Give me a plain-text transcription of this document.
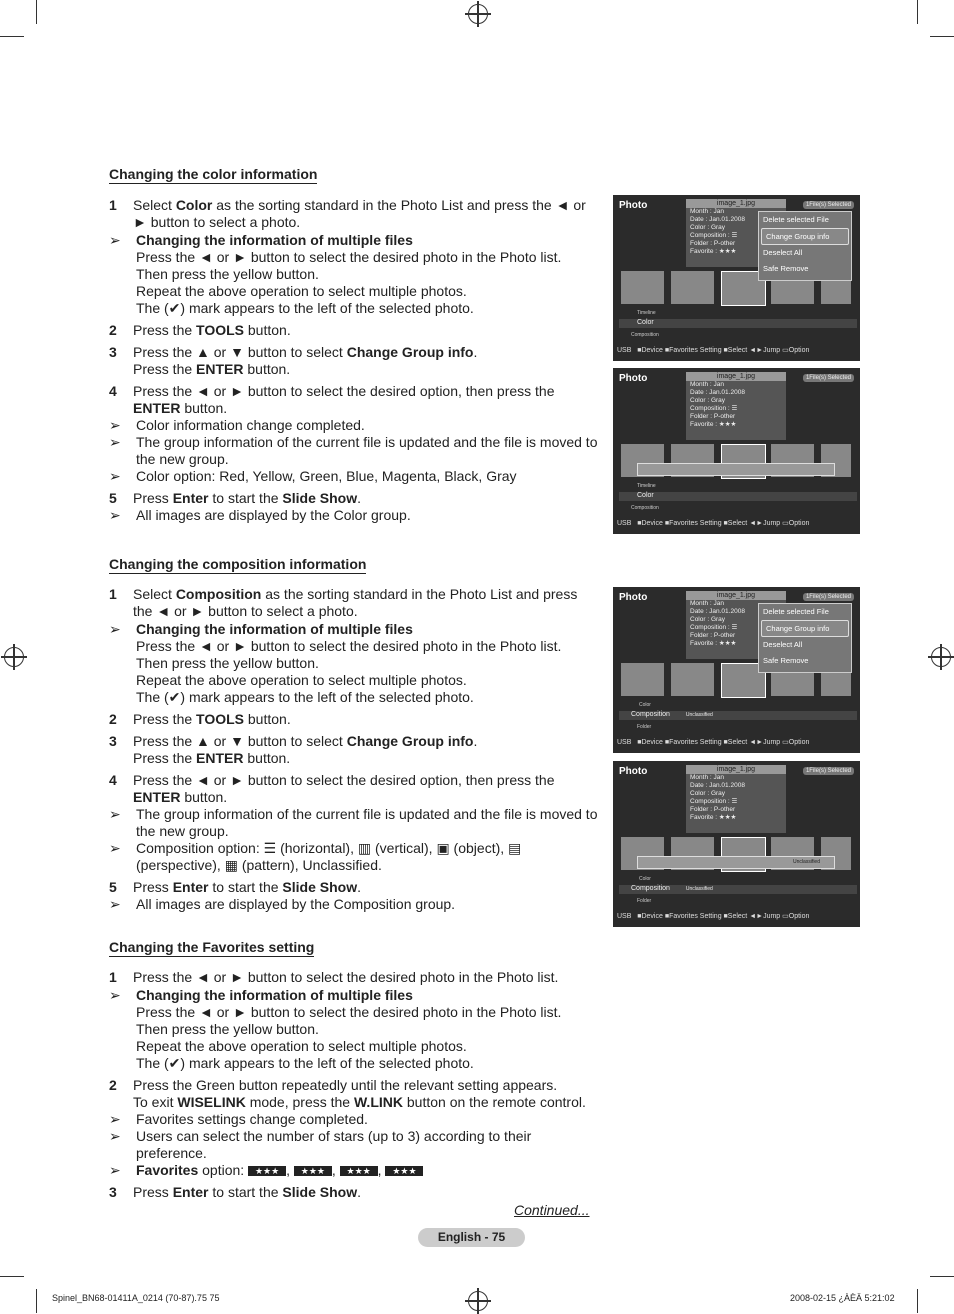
Changing the color information
1 Select Color as the sorting standard in the Photo List and press the ◄ or ► button to select a photo.
➢ Changing the information of multiple files
Press the ◄ or ► button to select the desired photo in the Photo list.
Then press the yellow button.
Repeat the above operation to select multiple photos.
The (✔) mark appears to the left of the selected photo.
2 Press the TOOLS button.
3 Press the ▲ or ▼ button to select Change Group info.
Press the ENTER button.
4 Press the ◄ or ► button to select the desired option, then press the ENTER button.
➢ Color information change completed.
➢ The group information of the current file is updated and the file is moved to the new group.
➢ Color option: Red, Yellow, Green, Blue, Magenta, Black, Gray
5 Press Enter to start the Slide Show.
➢ All images are displayed by the Color group.
Changing the composition information
1 Select Composition as the sorting standard in the Photo List and press the ◄ or ► button to select a photo.
➢ Changing the information of multiple files
Press the ◄ or ► button to select the desired photo in the Photo list.
Then press the yellow button.
Repeat the above operation to select multiple photos.
The (✔) mark appears to the left of the selected photo.
2 Press the TOOLS button.
3 Press the ▲ or ▼ button to select Change Group info.
Press the ENTER button.
4 Press the ◄ or ► button to select the desired option, then press the ENTER button.
➢ The group information of the current file is updated and the file is moved to the new group.
➢ Composition option: ☰ (horizontal), ▥ (vertical), ▣ (object), ▤ (perspective), ▦ (pattern), Unclassified.
5 Press Enter to start the Slide Show.
➢ All images are displayed by the Composition group.
Changing the Favorites setting
1 Press the ◄ or ► button to select the desired photo in the Photo list.
➢ Changing the information of multiple files
Press the ◄ or ► button to select the desired photo in the Photo list.
Then press the yellow button.
Repeat the above operation to select multiple photos.
The (✔) mark appears to the left of the selected photo.
2 Press the Green button repeatedly until the relevant setting appears.
To exit WISELINK mode, press the W.LINK button on the remote control.
➢ Favorites settings change completed.
➢ Users can select the number of stars (up to 3) according to their preference.
➢ Favorites option: ★★★ , ★★★ , ★★★ , ★★★
3 Press Enter to start the Slide Show.
Photo	1File(s) Selected
image_1.jpg
Month : Jan
Date : Jan.01.2008
Color : Gray
Composition : ☰
Folder : P-other
Favorite : ★★★
Delete selected File
Change Group info
Deselect All
Safe Remove
Timeline
Color
Composition
USB   ■Device ■Favorites Setting ■Select ◄►Jump ▭Option
Photo	1File(s) Selected
image_1.jpg
Month : Jan
Date : Jan.01.2008
Color : Gray
Composition : ☰
Folder : P-other
Favorite : ★★★
Timeline
Color
Composition
USB   ■Device ■Favorites Setting ■Select ◄►Jump ▭Option
Photo	1File(s) Selected
image_1.jpg
Month : Jan
Date : Jan.01.2008
Color : Gray
Composition : ☰
Folder : P-other
Favorite : ★★★
Delete selected File
Change Group info
Deselect All
Safe Remove
Color
Composition	Unclassified
Folder
USB   ■Device ■Favorites Setting ■Select ◄►Jump ▭Option
Photo	1File(s) Selected
image_1.jpg
Month : Jan
Date : Jan.01.2008
Color : Gray
Composition : ☰
Folder : P-other
Favorite : ★★★
Unclassified
Color
Composition	Unclassified
Folder
USB   ■Device ■Favorites Setting ■Select ◄►Jump ▭Option
Continued...
English - 75
Spinel_BN68-01411A_0214 (70-87).75 75	2008-02-15 ¿ÀÈÄ 5:21:02
